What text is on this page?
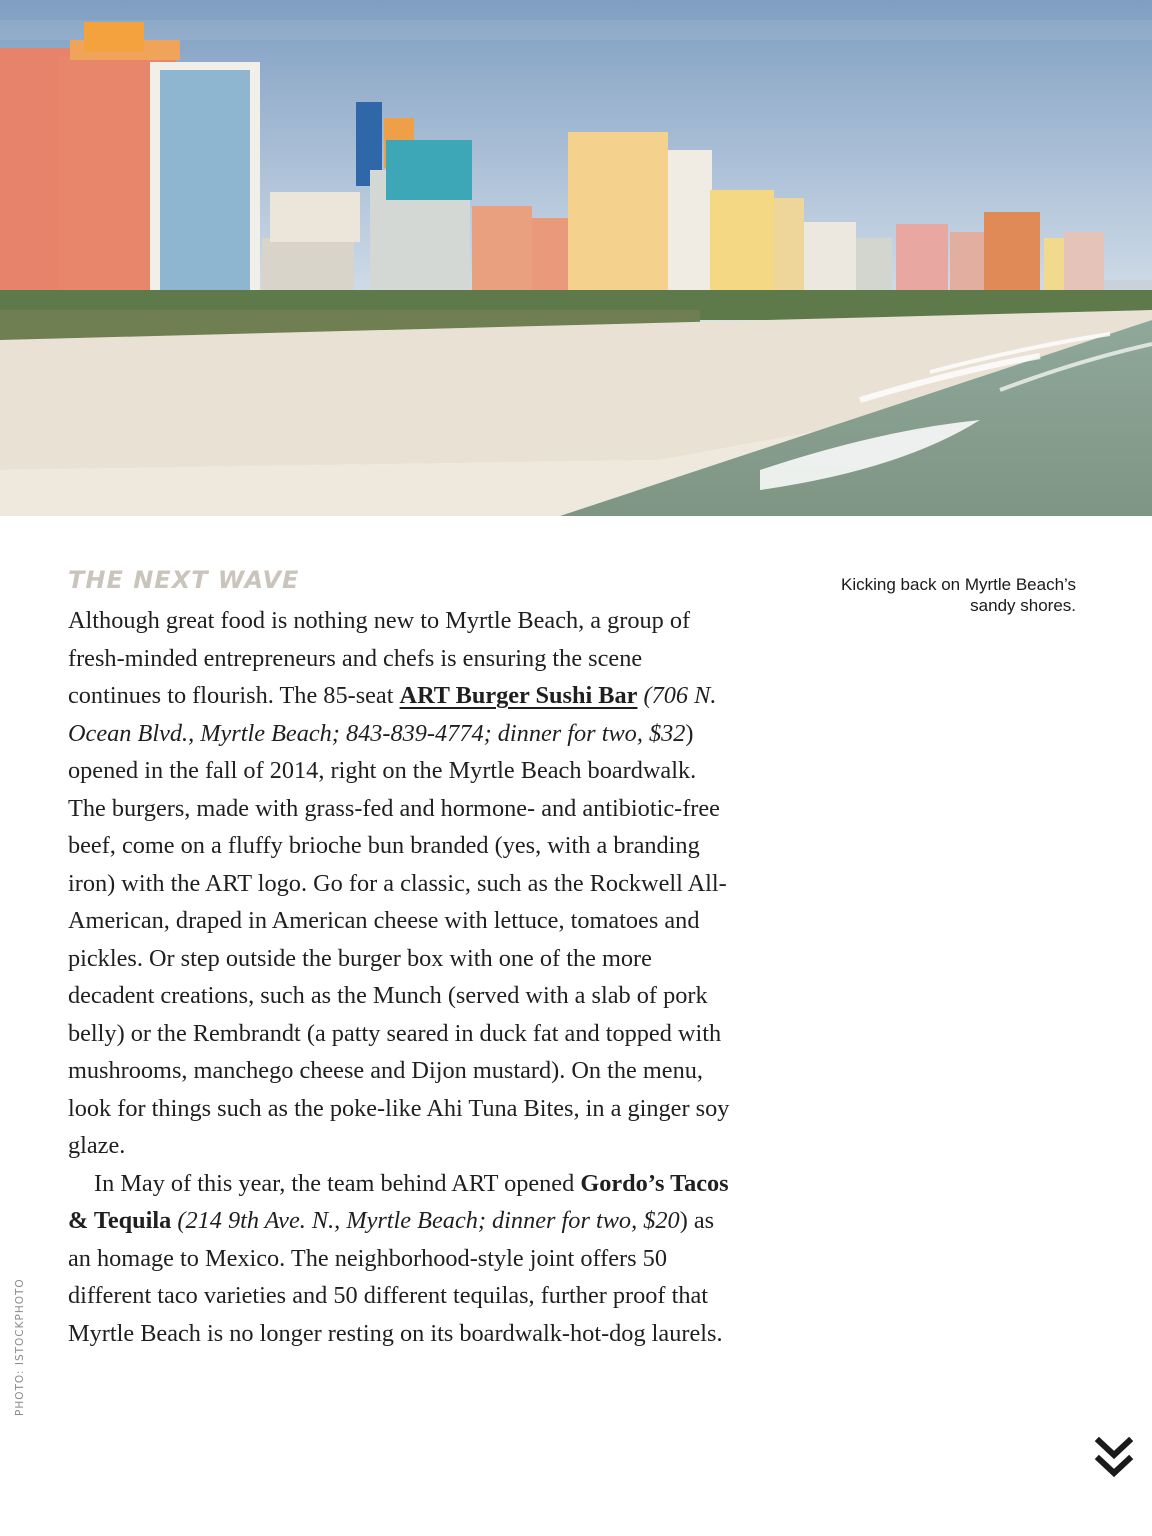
THE NEXT WAVE	Kicking back on Myrtle Beach’s sandy shores.

Although great food is nothing new to Myrtle Beach, a group of fresh-minded entrepreneurs and chefs is ensuring the scene continues to flourish. The 85-seat ART Burger Sushi Bar (706 N. Ocean Blvd., Myrtle Beach; 843-839-4774; dinner for two, $32) opened in the fall of 2014, right on the Myrtle Beach boardwalk. The burgers, made with grass-fed and hormone- and antibiotic-free beef, come on a fluffy brioche bun branded (yes, with a branding iron) with the ART logo. Go for a classic, such as the Rockwell All-American, draped in American cheese with lettuce, tomatoes and pickles. Or step outside the burger box with one of the more decadent creations, such as the Munch (served with a slab of pork belly) or the Rembrandt (a patty seared in duck fat and topped with mushrooms, manchego cheese and Dijon mustard). On the menu, look for things such as the poke-like Ahi Tuna Bites, in a ginger soy glaze.

In May of this year, the team behind ART opened Gordo’s Tacos & Tequila (214 9th Ave. N., Myrtle Beach; dinner for two, $20) as an homage to Mexico. The neighborhood-style joint offers 50 different taco varieties and 50 different tequilas, further proof that Myrtle Beach is no longer resting on its boardwalk-hot-dog laurels.

PHOTO: ISTOCKPHOTO
